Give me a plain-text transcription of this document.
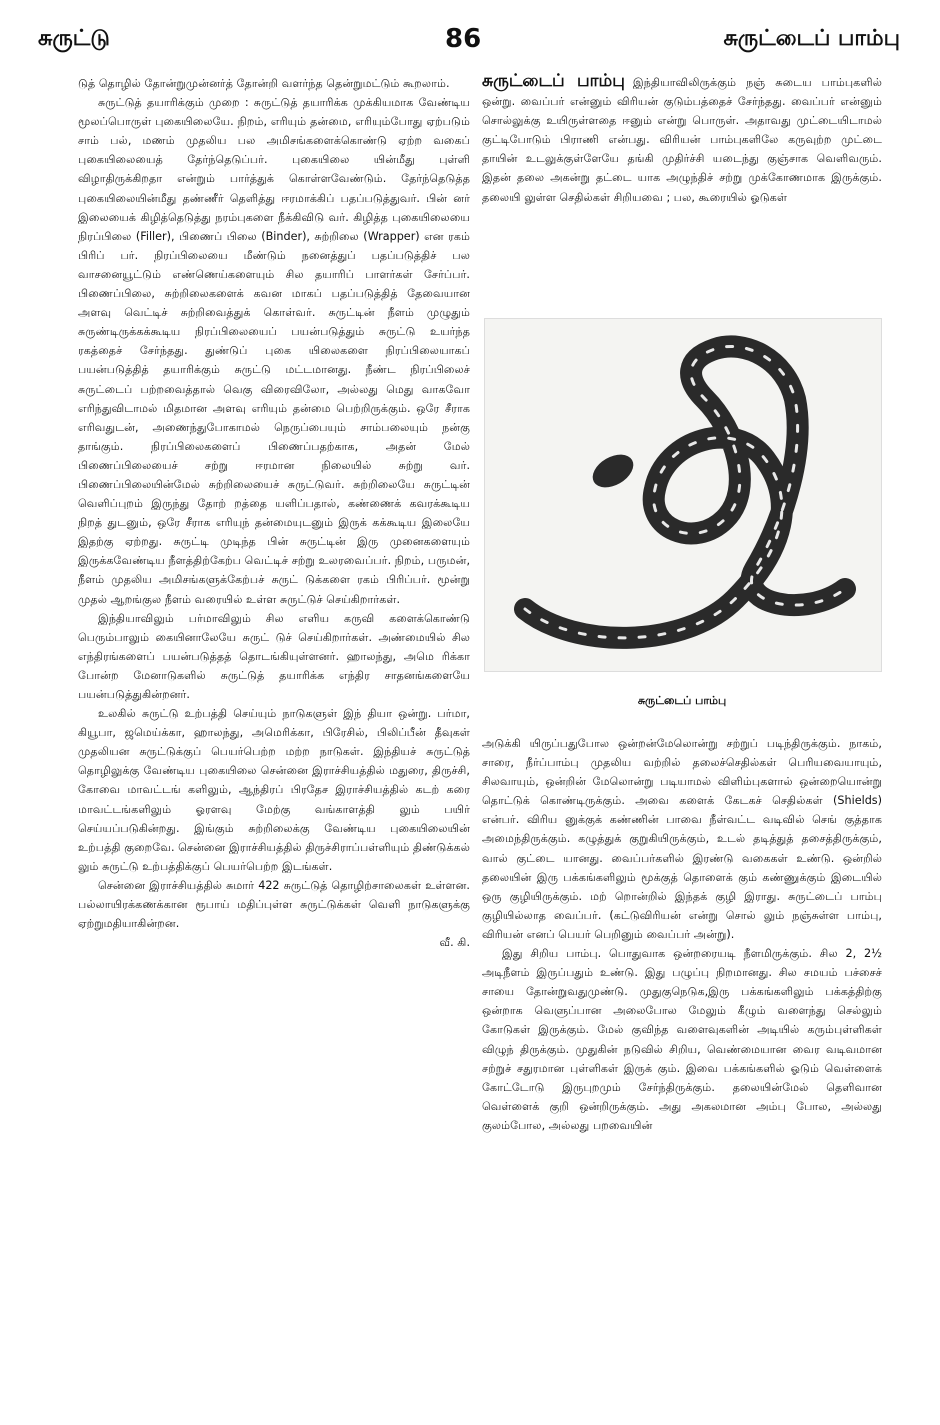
சுருட்டு	86	சுருட்டைப் பாம்பு

டுத் தொழில் தோன்றுமுன்னர்த் தோன்றி வளர்ந்த தென்றுமட்டும் கூறலாம்.

சுருட்டுத் தயாரிக்கும் முறை : சுருட்டுத் தயாரிக்க முக்கியமாக வேண்டிய மூலப்பொருள் புகையிலையே. நிறம், எரியும் தன்மை, எரியும்போது ஏற்படும் சாம் பல், மணம் முதலிய பல அமிசங்களைக்கொண்டு ஏற்ற வகைப் புகையிலையைத் தேர்ந்தெடுப்பர். புகையிலை யின்மீது புள்ளி விழாதிருக்கிறதா என்றும் பார்த்துக் கொள்ளவேண்டும். தேர்ந்தெடுத்த புகையிலையின்மீது தண்ணீர் தெளித்து ஈரமாக்கிப் பதப்படுத்துவர். பின் னர் இலையைக் கிழித்தெடுத்து நரம்புகளை நீக்கிவிடு வர். கிழித்த புகையிலையை நிரப்பிலை (Filler), பிணைப் பிலை (Binder), சுற்றிலை (Wrapper) என ரகம் பிரிப் பர். நிரப்பிலையை மீண்டும் நனைத்துப் பதப்படுத்திச் பல வாசனையூட்டும் எண்ணெய்களையும் சில தயாரிப் பாளர்கள் சேர்ப்பர். பிணைப்பிலை, சுற்றிலைகளைக் கவன மாகப் பதப்படுத்தித் தேவையான அளவு வெட்டிச் சுற்றிவைத்துக் கொள்வர். சுருட்டின் நீளம் முழுதும் சுருண்டிருக்கக்கூடிய நிரப்பிலையைப் பயன்படுத்தும் சுருட்டு உயர்ந்த ரகத்தைச் சேர்ந்தது. துண்டுப் புகை யிலைகளை நிரப்பிலையாகப் பயன்படுத்தித் தயாரிக்கும் சுருட்டு மட்டமானது. நீண்ட நிரப்பிலைச் சுருட்டைப் பற்றவைத்தால் வெகு விரைவிலோ, அல்லது மெது வாகவோ எரிந்துவிடாமல் மிதமான அளவு எரியும் தன்மை பெற்றிருக்கும். ஒரே சீராக எரிவதுடன், அணைந்துபோகாமல் நெருப்பையும் சாம்பலையும் நன்கு தாங்கும். நிரப்பிலைகளைப் பிணைப்பதற்காக, அதன் மேல் பிணைப்பிலையைச் சற்று ஈரமான நிலையில் சுற்று வர். பிணைப்பிலையின்மேல் சுற்றிலையைச் சுருட்டுவர். சுற்றிலையே சுருட்டின் வெளிப்புறம் இருந்து தோற் றத்தை யளிப்பதால், கண்ணைக் கவரக்கூடிய நிறத் துடனும், ஒரே சீராக எரியுந் தன்மையுடனும் இருக் கக்கூடிய இலையே இதற்கு ஏற்றது. சுருட்டி முடிந்த பின் சுருட்டின் இரு முனைகளையும் இருக்கவேண்டிய நீளத்திற்கேற்ப வெட்டிச் சற்று உலரவைப்பர். நிறம், பருமன், நீளம் முதலிய அமிசங்களுக்கேற்பச் சுருட் டுக்களை ரகம் பிரிப்பர். மூன்று முதல் ஆறங்குல நீளம் வரையில் உள்ள சுருட்டுச் செய்கிறார்கள்.

இந்தியாவிலும் பர்மாவிலும் சில எளிய கருவி களைக்கொண்டு பெரும்பாலும் கையினாலேயே சுருட் டுச் செய்கிறார்கள். அண்மையில் சில எந்திரங்களைப் பயன்படுத்தத் தொடங்கியுள்ளனர். ஹாலந்து, அமெ ரிக்கா போன்ற மேனாடுகளில் சுருட்டுத் தயாரிக்க எந்திர சாதனங்களையே பயன்படுத்துகின்றனர்.

உலகில் சுருட்டு உற்பத்தி செய்யும் நாடுகளுள் இந் தியா ஒன்று. பர்மா, கியூபா, ஜமெய்க்கா, ஹாலந்து, அமெரிக்கா, பிரேசில், பிலிப்பீன் தீவுகள் முதலியன சுருட்டுக்குப் பெயர்பெற்ற மற்ற நாடுகள். இந்தியச் சுருட்டுத் தொழிலுக்கு வேண்டிய புகையிலை சென்னை இராச்சியத்தில் மதுரை, திருச்சி, கோவை மாவட்டங் களிலும், ஆந்திரப் பிரதேச இராச்சியத்தில் கடற் கரை மாவட்டங்களிலும் ஓரளவு மேற்கு வங்காளத்தி லும் பயிர் செய்யப்படுகின்றது. இங்கும் சுற்றிலைக்கு வேண்டிய புகையிலையின் உற்பத்தி குறைவே. சென்னை இராச்சியத்தில் திருச்சிராப்பள்ளியும் திண்டுக்கல் லும் சுருட்டு உற்பத்திக்குப் பெயர்பெற்ற இடங்கள்.

சென்னை இராச்சியத்தில் சுமார் 422 சுருட்டுத் தொழிற்சாலைகள் உள்ளன. பல்லாயிரக்கணக்கான ரூபாய் மதிப்புள்ள சுருட்டுக்கள் வெளி நாடுகளுக்கு ஏற்றுமதியாகின்றன.

வீ. கி.

சுருட்டைப் பாம்பு இந்தியாவிலிருக்கும் நஞ் சுடைய பாம்புகளில் ஒன்று. வைப்பர் என்னும் விரியன் குடும்பத்தைச் சேர்ந்தது. வைப்பர் என்னும் சொல்லுக்கு உயிருள்ளதை ஈனும் என்று பொருள். அதாவது முட்டையிடாமல் குட்டிபோடும் பிராணி என்பது. விரியன் பாம்புகளிலே கருவுற்ற முட்டை தாயின் உடலுக்குள்ளேயே தங்கி முதிர்ச்சி யடைந்து குஞ்சாக வெளிவரும். இதன் தலை அகன்று தட்டை யாக அழுந்திச் சற்று முக்கோணமாக இருக்கும். தலையி லுள்ள செதில்கள் சிறியவை ; பல, கூரையில் ஓடுகள்

சுருட்டைப் பாம்பு

அடுக்கி யிருப்பதுபோல ஒன்றன்மேலொன்று சற்றுப் படிந்திருக்கும். நாகம், சாரை, நீர்ப்பாம்பு முதலிய வற்றில் தலைச்செதில்கள் பெரியவையாயும், சிலவாயும், ஒன்றின் மேலொன்று படியாமல் விளிம்புகளால் ஒன்றையொன்று தொட்டுக் கொண்டிருக்கும். அவை களைக் கேடகச் செதில்கள் (Shields) என்பர். விரிய னுக்குக் கண்ணின் பாவை நீள்வட்ட வடிவில் செங் குத்தாக அமைந்திருக்கும். கழுத்துக் குறுகியிருக்கும், உடல் தடித்துத் தசைத்திருக்கும், வால் குட்டை யானது. வைப்பர்களில் இரண்டு வகைகள் உண்டு. ஒன்றில் தலையின் இரு பக்கங்களிலும் மூக்குத் தொளைக் கும் கண்ணுக்கும் இடையில் ஒரு குழியிருக்கும். மற் றொன்றில் இந்தக் குழி இராது. சுருட்டைப் பாம்பு குழியில்லாத வைப்பர். (கட்டுவிரியன் என்று சொல் லும் நஞ்சுள்ள பாம்பு, விரியன் எனப் பெயர் பெறினும் வைப்பர் அன்று).

இது சிறிய பாம்பு. பொதுவாக ஒன்றரையடி நீளமிருக்கும். சில 2, 2½ அடிநீளம் இருப்பதும் உண்டு. இது பழுப்பு நிறமானது. சில சமயம் பச்சைச் சாயை தோன்றுவதுமுண்டு. முதுகுநெடுக,இரு பக்கங்களிலும் பக்கத்திற்கு ஒன்றாக வெளுப்பான அலைபோல மேலும் கீழும் வளைந்து செல்லும் கோடுகள் இருக்கும். மேல் குவிந்த வளைவுகளின் அடியில் கரும்புள்ளிகள் விழுந் திருக்கும். முதுகின் நடுவில் சிறிய, வெண்மையான வைர வடிவமான சற்றுச் சதுரமான புள்ளிகள் இருக் கும். இவை பக்கங்களில் ஓடும் வெள்ளைக் கோட்டோடு இருபுறமும் சேர்ந்திருக்கும். தலையின்மேல் தெளிவான வெள்ளைக் குறி ஒன்றிருக்கும். அது அகலமான அம்பு போல, அல்லது குலம்போல, அல்லது பறவையின்
